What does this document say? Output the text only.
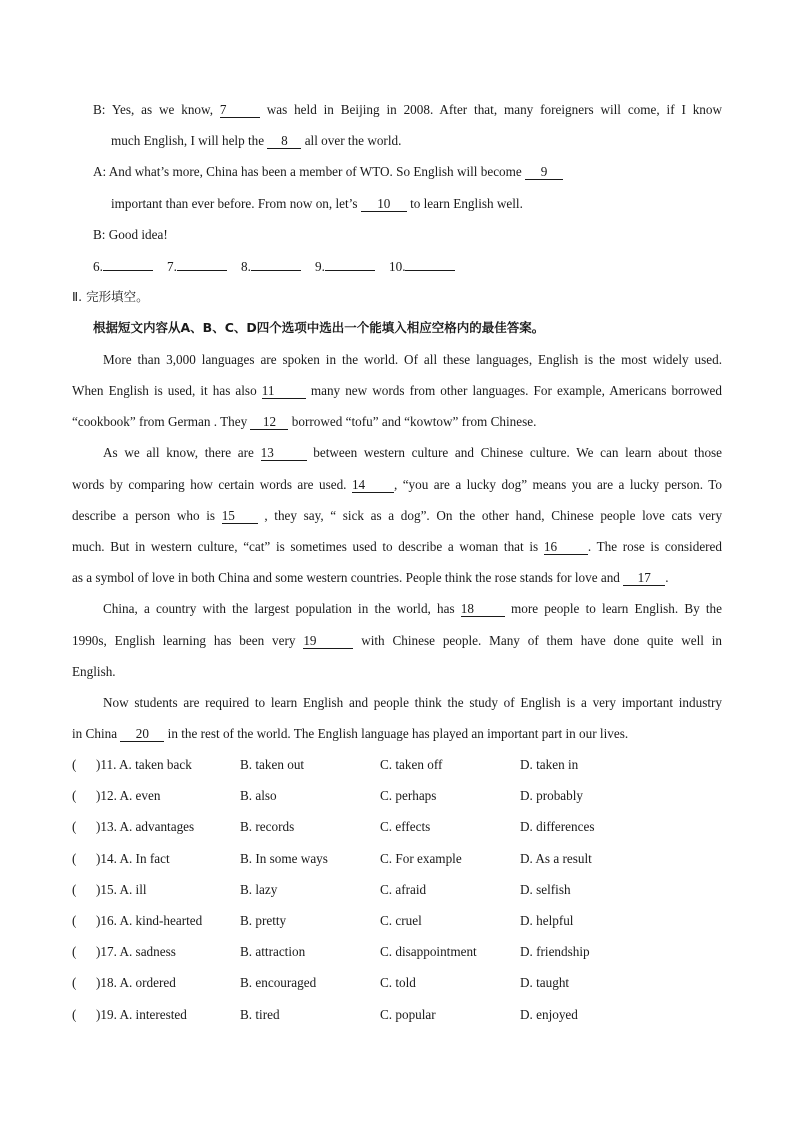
B: Yes, as we know, 7	was held in Beijing in 2008. After that, many foreigners will come, if I know
much English, I will help the 8 all over the world.
A: And what’s more, China has been a member of WTO. So English will become 9
important than ever before. From now on, let’s 10 to learn English well.
B: Good idea!
6.	7.	8.	9.	10.
Ⅱ. 完形填空。
根据短文内容从A、B、C、D四个选项中选出一个能填入相应空格内的最佳答案。
More than 3,000 languages are spoken in the world. Of all these languages, English is the most widely used.
When English is used, it has also 11	many new words from other languages. For example, Americans borrowed
“cookbook” from German . They 12 borrowed “tofu” and “kowtow” from Chinese.
As we all know, there are 13	between western culture and Chinese culture. We can learn about those
words by comparing how certain words are used. 14 , “you are a lucky dog” means you are a lucky person. To
describe a person who is 15 , they say, “ sick as a dog”. On the other hand, Chinese people love cats very
much. But in western culture, “cat” is sometimes used to describe a woman that is 16 . The rose is considered
as a symbol of love in both China and some western countries. People think the rose stands for love and 17 .
China, a country with the largest population in the world, has 18	more people to learn English. By the
1990s, English learning has been very 19	with Chinese people. Many of them have done quite well in
English.
Now students are required to learn English and people think the study of English is a very important industry
in China 20 in the rest of the world. The English language has played an important part in our lives.
( )11. A. taken back	B. taken out	C. taken off	D. taken in
( )12. A. even	B. also	C. perhaps	D. probably
( )13. A. advantages	B. records	C. effects	D. differences
( )14. A. In fact	B. In some ways	C. For example	D. As a result
( )15. A. ill	B. lazy	C. afraid	D. selfish
( )16. A. kind-hearted	B. pretty	C. cruel	D. helpful
( )17. A. sadness	B. attraction	C. disappointment	D. friendship
( )18. A. ordered	B. encouraged	C. told	D. taught
( )19. A. interested	B. tired	C. popular	D. enjoyed
